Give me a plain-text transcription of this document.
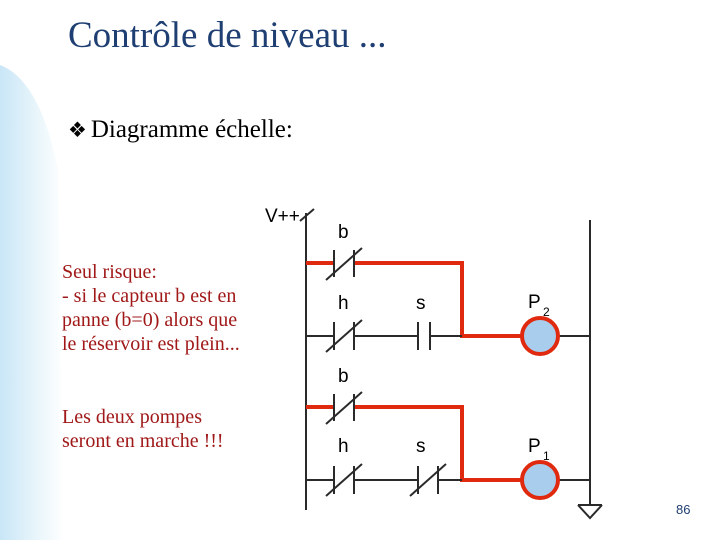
Contrôle de niveau ...
❖ Diagramme échelle:
V++
b
h	s	P 2
b
h	s	P 1
Seul risque:
- si le capteur b est en
panne (b=0) alors que
le réservoir est plein...
Les deux pompes
seront en marche !!!
86
